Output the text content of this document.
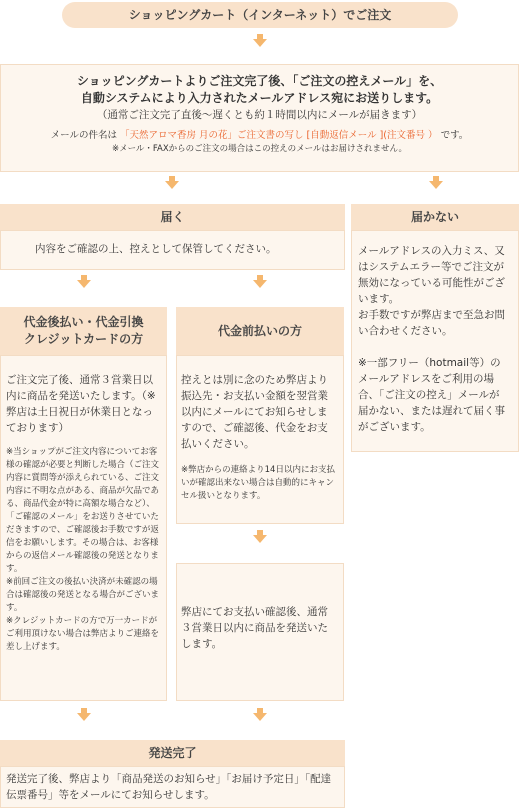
ショッピングカート（インターネット）でご注文

ショッピングカートよりご注文完了後、「ご注文の控えメール」を、

自動システムにより入力されたメールアドレス宛にお送りします。

（通常ご注文完了直後～遅くとも約１時間以内にメールが届きます）

メールの件名は 「天然アロマ香房 月の花」ご注文書の写し [自動返信メール ](注文番号 ） です。

※メール・FAXからのご注文の場合はこの控えのメールはお届けされません。

届く

内容をご確認の上、控えとして保管してください。

届かない

メールアドレスの入力ミス、又はシステムエラー等でご注文が無効になっている可能性がございます。

お手数ですが弊店まで至急お問い合わせください。

※一部フリー（hotmail等）のメールアドレスをご利用の場合、「ご注文の控え」メールが届かない、または遅れて届く事がございます。

代金後払い・代金引換
クレジットカードの方

ご注文完了後、通常３営業日以内に商品を発送いたします。（※弊店は土日祝日が休業日となっております）

※当ショップがご注文内容についてお客様の確認が必要と判断した場合（ご注文内容に質問等が添えられている、ご注文内容に不明な点がある、商品が欠品である、商品代金が特に高額な場合など）、「ご確認のメール」をお送りさせていただきますので、ご確認後お手数ですが返信をお願いします。その場合は、お客様からの返信メール確認後の発送となります。

※前回ご注文の後払い決済が未確認の場合は確認後の発送となる場合がございます。

※クレジットカードの方で万一カードがご利用頂けない場合は弊店よりご連絡を差し上げます。

代金前払いの方

控えとは別に念のため弊店より振込先・お支払い金額を翌営業以内にメールにてお知らせしますので、ご確認後、代金をお支払いください。

※弊店からの連絡より14日以内にお支払いが確認出来ない場合は自動的にキャンセル扱いとなります。

弊店にてお支払い確認後、通常３営業日以内に商品を発送いたします。

発送完了

発送完了後、弊店より「商品発送のお知らせ」「お届け予定日」「配達伝票番号」等をメールにてお知らせします。
